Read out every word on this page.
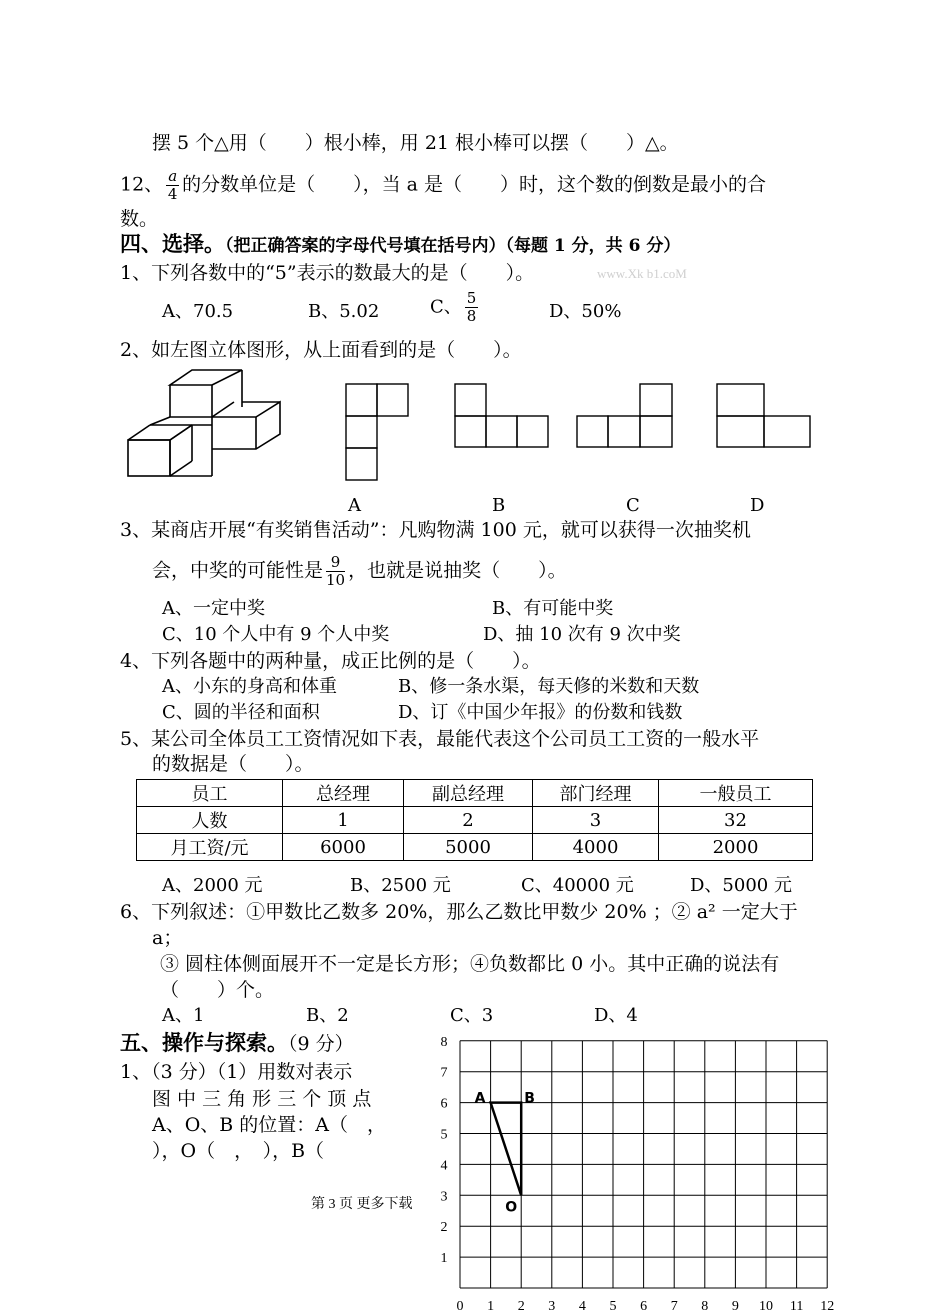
摆 5 个△用（　　）根小棒，用 21 根小棒可以摆（　　）△。
12、 $\frac{a}{4}$ 的分数单位是（　　），当 a 是（　　）时，这个数的倒数是最小的合
数。
四、选择。（把正确答案的字母代号填在括号内）（每题 1 分，共 6 分）
1、下列各数中的“5”表示的数最大的是（　　）。	www.Xk b1.coM
A、70.5	B、5.02	C、 $\frac{5}{8}$	D、50%
2、如左图立体图形，从上面看到的是（　　）。
A	B	C	D
3、某商店开展“有奖销售活动”：凡购物满 100 元，就可以获得一次抽奖机
会，中奖的可能性是 $\frac{9}{10}$ ，也就是说抽奖（　　）。
A、一定中奖	B、有可能中奖
C、10 个人中有 9 个人中奖	D、抽 10 次有 9 次中奖
4、下列各题中的两种量，成正比例的是（　　）。
A、小东的身高和体重	B、修一条水渠，每天修的米数和天数
C、圆的半径和面积	D、订《中国少年报》的份数和钱数
5、某公司全体员工工资情况如下表，最能代表这个公司员工工资的一般水平
的数据是（　　）。
员工	总经理	副总经理	部门经理	一般员工
人数	1	2	3	32
月工资/元	6000	5000	4000	2000
A、2000 元	B、2500 元	C、40000 元	D、5000 元
6、下列叙述：①甲数比乙数多 20%，那么乙数比甲数少 20% ；② a² 一定大于
a；
③ 圆柱体侧面展开不一定是长方形；④负数都比 0 小。其中正确的说法有
（　　）个。
A、1	B、2	C、3	D、4
五、操作与探索。（9 分）
1、（3 分）（1）用数对表示
图 中 三 角 形 三 个 顶 点
A、O、B 的位置：A（　，
），O（　，　），B（
第 3 页 更多下载
0 1 2 3 4 5 6 7 8 9 10 11 12
1
2
3
4
5
6
7
8
A	B
O
